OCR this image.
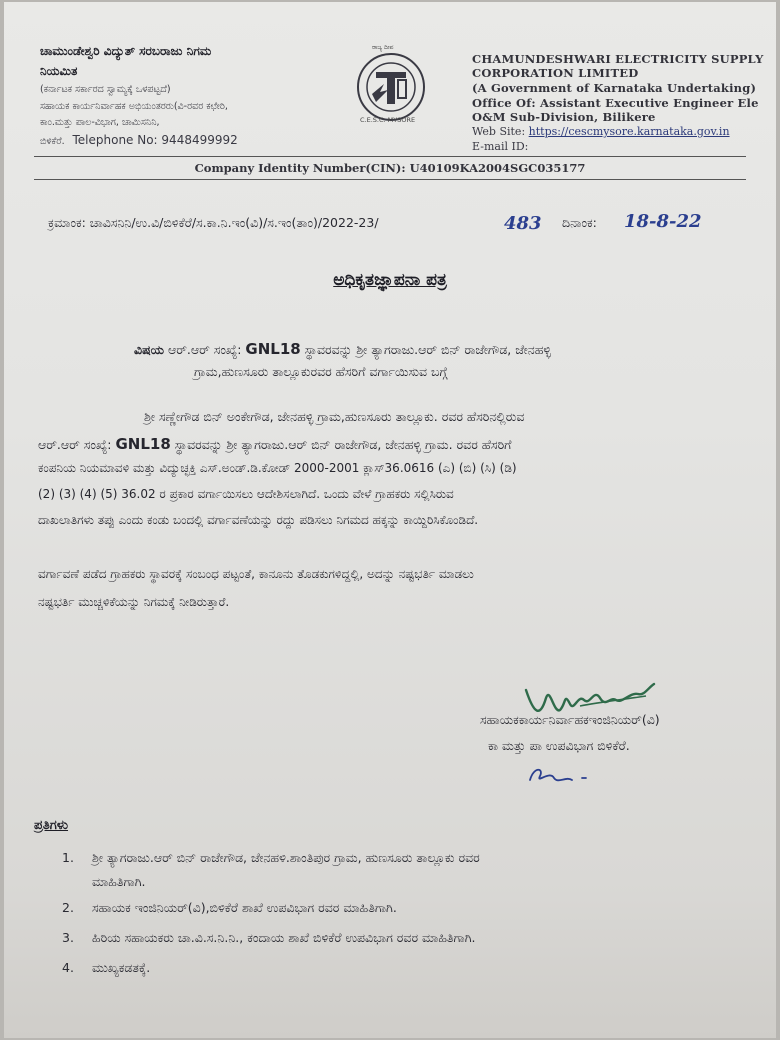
ಚಾಮುಂಡೇಶ್ವರಿ ವಿದ್ಯುತ್ ಸರಬರಾಜು ನಿಗಮ
ನಿಯಮಿತ
(ಕರ್ನಾಟಕ ಸರ್ಕಾರದ ಸ್ವಾಮ್ಯಕ್ಕೆ ಒಳಪಟ್ಟದೆ)
ಸಹಾಯಕ ಕಾರ್ಯನಿರ್ವಾಹಕ ಅಭಿಯಂತರರು(ವಿ-ರವರ ಕಛೇರಿ,
ಕಾಂ.ಮತ್ತು ಪಾಲ-ವಿಭಾಗ, ಚಾಮಿಸನಿನಿ,
ಬಿಳಿಕೆರೆ. Telephone No: 9448499992
ರಾಜ್ಯ ದೀಪ
C.E.S.C. MYSORE
CHAMUNDESHWARI ELECTRICITY SUPPLY
CORPORATION LIMITED
(A Government of Karnataka Undertaking)
Office Of: Assistant Executive Engineer Ele
O&M Sub-Division, Bilikere
Web Site: https://cescmysore.karnataka.gov.in
E-mail ID:
Company Identity Number(CIN): U40109KA2004SGC035177
ಕ್ರಮಾಂಕ: ಚಾವಿಸನಿನಿ/ಉ.ವಿ/ಬಿಳಿಕೆರೆ/ಸ.ಕಾ.ನಿ.ಇಂ(ವಿ)/ಸ.ಇಂ(ತಾಂ)/2022-23/	483 ದಿನಾಂಕ: 18-8-22
ಅಧಿಕೃತಜ್ಞಾಪನಾ ಪತ್ರ
ವಿಷಯ ಆರ್.ಆರ್ ಸಂಖ್ಯೆ: GNL18 ಸ್ಥಾವರವನ್ನು ಶ್ರೀ ತ್ಯಾಗರಾಜು.ಆರ್ ಬಿನ್ ರಾಜೇಗೌಡ, ಜೇನಹಳ್ಳಿ
ಗ್ರಾಮ,ಹುಣಸೂರು ತಾಲ್ಲೂಕುರವರ ಹೆಸರಿಗೆ ವರ್ಗಾಯಿಸುವ ಬಗ್ಗೆ
ಶ್ರೀ ಸಣ್ಣೇಗೌಡ ಬಿನ್ ಅಂಕೇಗೌಡ, ಜೇನಹಳ್ಳಿ ಗ್ರಾಮ,ಹುಣಸೂರು ತಾಲ್ಲೂಕು. ರವರ ಹೆಸರಿನಲ್ಲಿರುವ
ಆರ್.ಆರ್ ಸಂಖ್ಯೆ: GNL18 ಸ್ಥಾವರವನ್ನು ಶ್ರೀ ತ್ಯಾಗರಾಜು.ಆರ್ ಬಿನ್ ರಾಜೇಗೌಡ, ಜೇನಹಳ್ಳಿ ಗ್ರಾಮ. ರವರ ಹೆಸರಿಗೆ
ಕಂಪನಿಯ ನಿಯಮಾವಳಿ ಮತ್ತು ವಿದ್ಯುಚ್ಛಕ್ತಿ ಎಸ್.ಅಂಡ್.ಡಿ.ಕೋಡ್ 2000-2001 ಕ್ಲಾಸ್36.0616 (ಎ) (ಬಿ) (ಸಿ) (ಡಿ)
(2) (3) (4) (5) 36.02 ರ ಪ್ರಕಾರ ವರ್ಗಾಯಿಸಲು ಆದೇಶಿಸಲಾಗಿದೆ. ಒಂದು ವೇಳೆ ಗ್ರಾಹಕರು ಸಲ್ಲಿಸಿರುವ
ದಾಖಲಾತಿಗಳು ತಪ್ಪು ಎಂದು ಕಂಡು ಬಂದಲ್ಲಿ ವರ್ಗಾವಣೆಯನ್ನು ರದ್ದು ಪಡಿಸಲು ನಿಗಮದ ಹಕ್ಕನ್ನು ಕಾಯ್ದಿರಿಸಿಕೊಂಡಿದೆ.
ವರ್ಗಾವಣೆ ಪಡೆದ ಗ್ರಾಹಕರು ಸ್ಥಾವರಕ್ಕೆ ಸಂಬಂಧ ಪಟ್ಟಂತೆ, ಕಾನೂನು ತೊಡಕುಗಳಿದ್ದಲ್ಲಿ, ಅದನ್ನು ನಷ್ಟಭರ್ತಿ ಮಾಡಲು
ನಷ್ಟಭರ್ತಿ ಮುಚ್ಚಳಿಕೆಯನ್ನು ನಿಗಮಕ್ಕೆ ನೀಡಿರುತ್ತಾರೆ.
ಸಹಾಯಕಕಾರ್ಯನಿರ್ವಾಹಕಇಂಜಿನಿಯರ್(ವಿ)
ಕಾ ಮತ್ತು ಪಾ ಉಪವಿಭಾಗ ಬಿಳಿಕೆರೆ.
ಪ್ರತಿಗಳು
1. ಶ್ರೀ ತ್ಯಾಗರಾಜು.ಆರ್ ಬಿನ್ ರಾಜೇಗೌಡ, ಜೇನಹಳಿ.ಶಾಂತಿಪುರ ಗ್ರಾಮ, ಹುಣಸೂರು ತಾಲ್ಲೂಕು ರವರ
ಮಾಹಿತಿಗಾಗಿ.
2. ಸಹಾಯಕ ಇಂಜಿನಿಯರ್(ವಿ),ಬಿಳಿಕೆರೆ ಶಾಖೆ ಉಪವಿಭಾಗ ರವರ ಮಾಹಿತಿಗಾಗಿ.
3. ಹಿರಿಯ ಸಹಾಯಕರು ಚಾ.ವಿ.ಸ.ನಿ.ನಿ., ಕಂದಾಯ ಶಾಖೆ ಬಿಳಿಕೆರೆ ಉಪವಿಭಾಗ ರವರ ಮಾಹಿತಿಗಾಗಿ.
4. ಮುಖ್ಯಕಡತಕ್ಕೆ.
